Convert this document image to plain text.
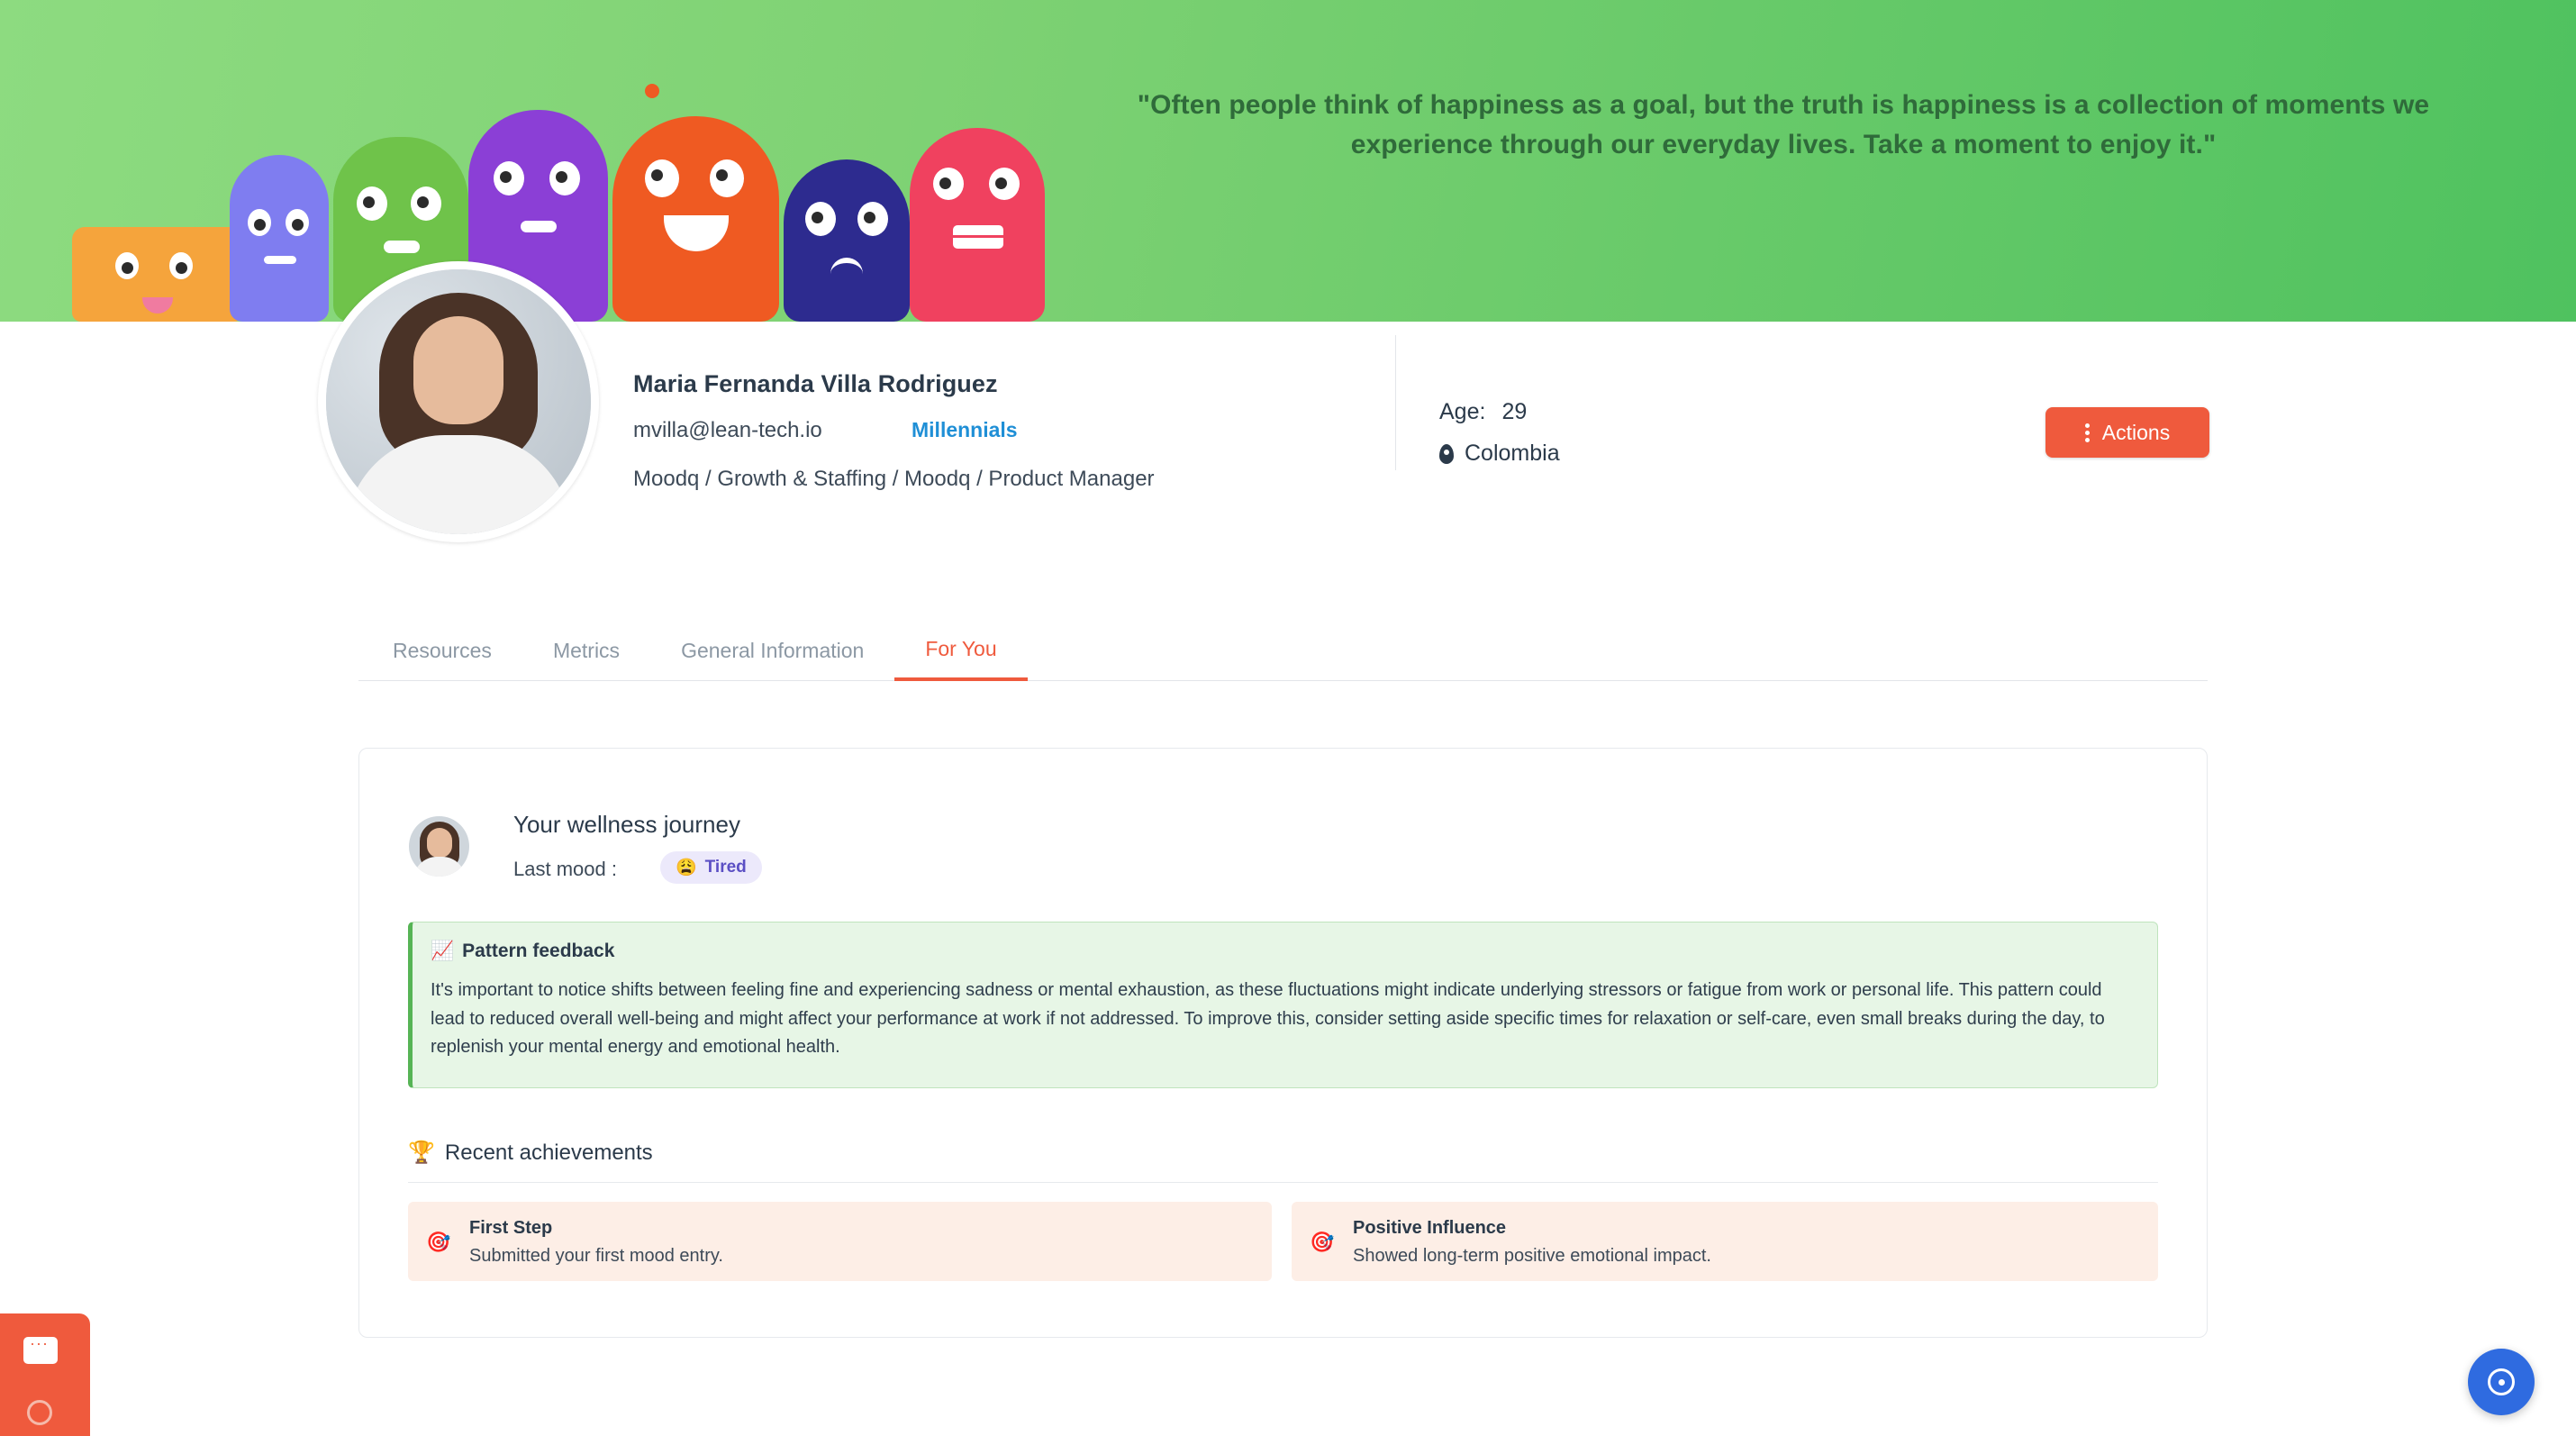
"Often people think of happiness as a goal, but the truth is happiness is a collection of moments we experience through our everyday lives. Take a moment to enjoy it."
Maria Fernanda Villa Rodriguez
mvilla@lean-tech.io	Millennials
Moodq / Growth & Staffing / Moodq / Product Manager
Age: 29
Colombia
Actions
Resources	Metrics	General Information	For You
Your wellness journey
Last mood :	😩 Tired
📈 Pattern feedback
It's important to notice shifts between feeling fine and experiencing sadness or mental exhaustion, as these fluctuations might indicate underlying stressors or fatigue from work or personal life. This pattern could lead to reduced overall well-being and might affect your performance at work if not addressed. To improve this, consider setting aside specific times for relaxation or self-care, even small breaks during the day, to replenish your mental energy and emotional health.
🏆 Recent achievements
🎯
First Step
Submitted your first mood entry.
🎯
Positive Influence
Showed long-term positive emotional impact.
···
